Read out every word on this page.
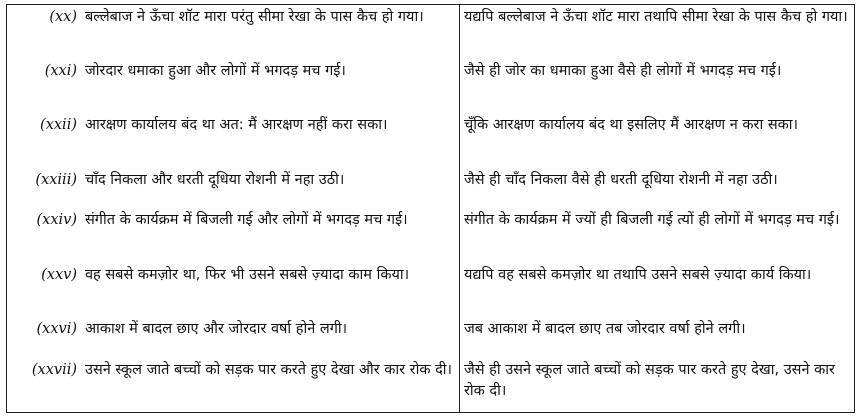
(xx)	बल्लेबाज ने ऊँचा शॉट मारा परंतु सीमा रेखा के पास कैच हो गया।	यद्यपि बल्लेबाज ने ऊँचा शॉट मारा तथापि सीमा रेखा के पास कैच हो गया।
(xxi)	जोरदार धमाका हुआ और लोगों में भगदड़ मच गई।	जैसे ही जोर का धमाका हुआ वैसे ही लोगों में भगदड़ मच गई।
(xxii)	आरक्षण कार्यालय बंद था अत: मैं आरक्षण नहीं करा सका।	चूँकि आरक्षण कार्यालय बंद था इसलिए मैं आरक्षण न करा सका।
(xxiii)	चाँद निकला और धरती दूधिया रोशनी में नहा उठी।	जैसे ही चाँद निकला वैसे ही धरती दूधिया रोशनी में नहा उठी।
(xxiv)	संगीत के कार्यक्रम में बिजली गई और लोगों में भगदड़ मच गई।	संगीत के कार्यक्रम में ज्यों ही बिजली गई त्यों ही लोगों में भगदड़ मच गई।
(xxv)	वह सबसे कमज़ोर था, फिर भी उसने सबसे ज़्यादा काम किया।	यद्यपि वह सबसे कमज़ोर था तथापि उसने सबसे ज़्यादा कार्य किया।
(xxvi)	आकाश में बादल छाए और जोरदार वर्षा होने लगी।	जब आकाश में बादल छाए तब जोरदार वर्षा होने लगी।
(xxvii)	उसने स्कूल जाते बच्चों को सड़क पार करते हुए देखा और कार रोक दी।	जैसे ही उसने स्कूल जाते बच्चों को सड़क पार करते हुए देखा, उसने कार रोक दी।
